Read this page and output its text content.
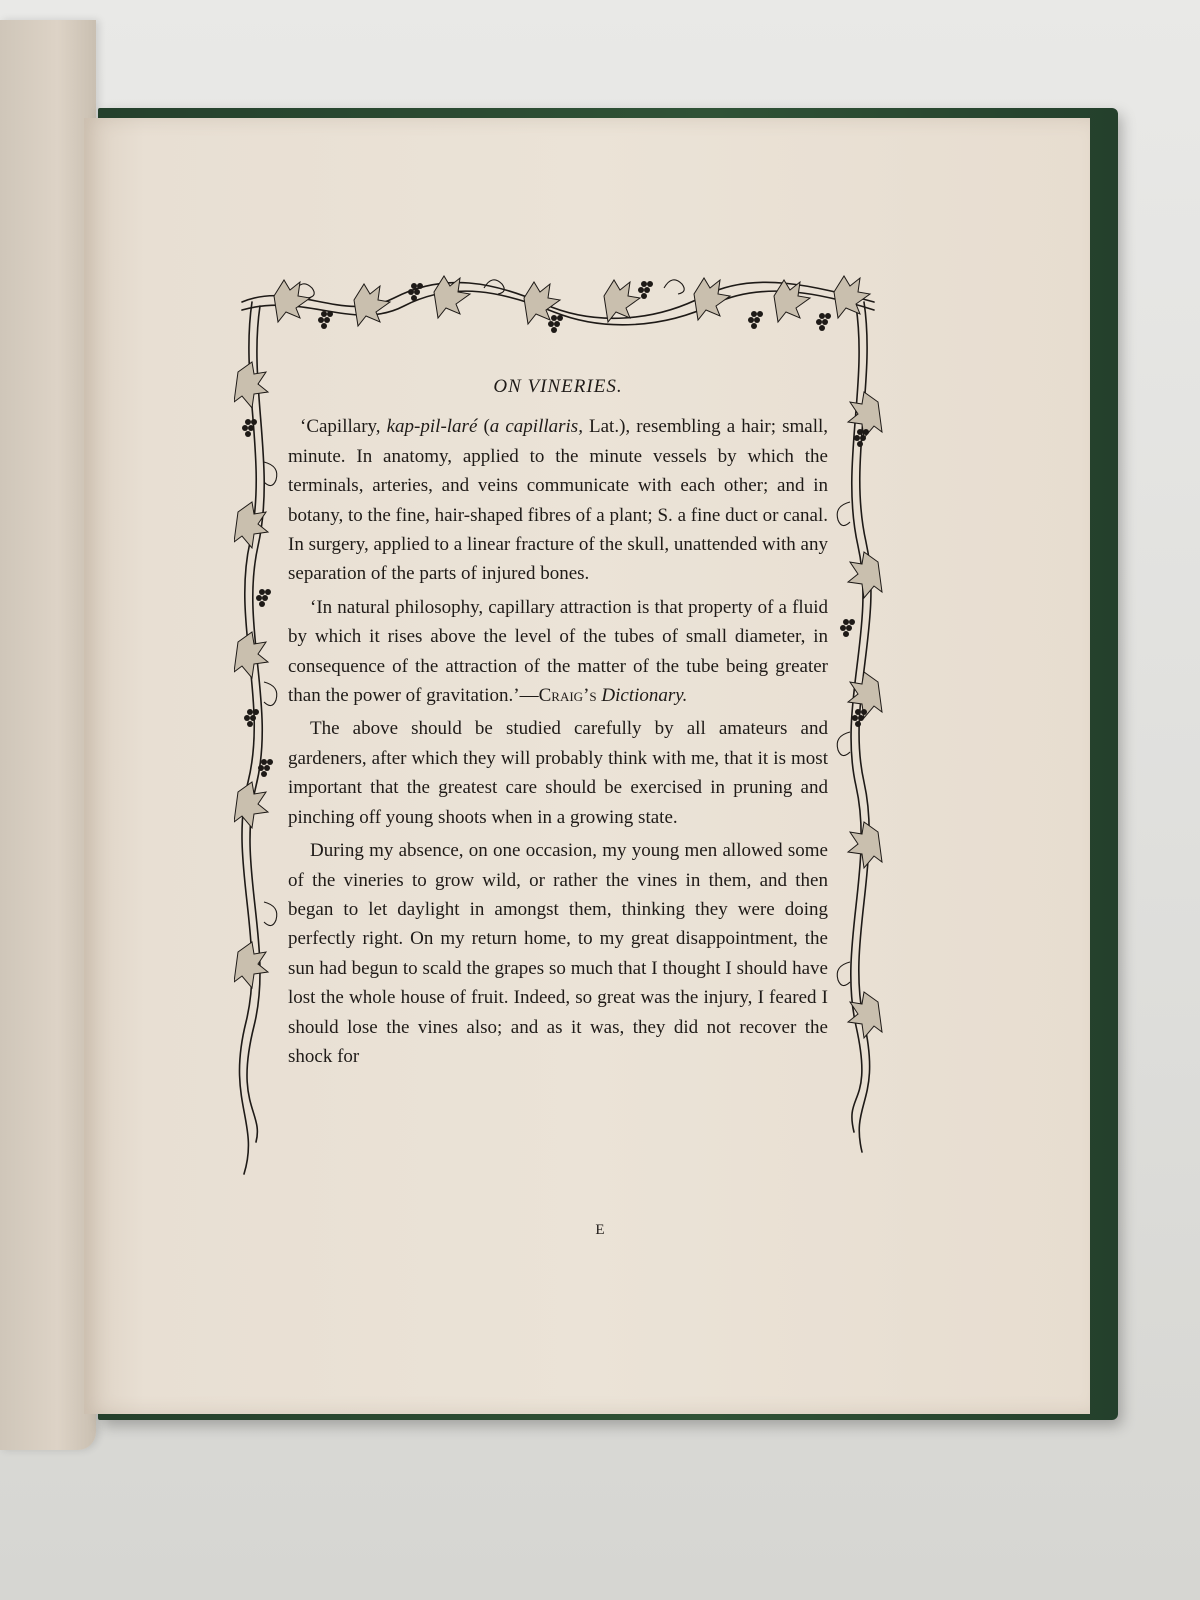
ON VINERIES.

‘Capillary, kap-pil-laré (a capillaris, Lat.), resembling a hair; small, minute. In anatomy, applied to the minute vessels by which the terminals, arteries, and veins communicate with each other; and in botany, to the fine, hair-shaped fibres of a plant; S. a fine duct or canal. In surgery, applied to a linear fracture of the skull, unattended with any separation of the parts of injured bones.

‘In natural philosophy, capillary attraction is that property of a fluid by which it rises above the level of the tubes of small diameter, in consequence of the attraction of the matter of the tube being greater than the power of gravitation.’—Craig’s Dictionary.

The above should be studied carefully by all amateurs and gardeners, after which they will probably think with me, that it is most important that the greatest care should be exercised in pruning and pinching off young shoots when in a growing state.

During my absence, on one occasion, my young men allowed some of the vineries to grow wild, or rather the vines in them, and then began to let daylight in amongst them, thinking they were doing perfectly right. On my return home, to my great disappointment, the sun had begun to scald the grapes so much that I thought I should have lost the whole house of fruit. Indeed, so great was the injury, I feared I should lose the vines also; and as it was, they did not recover the shock for

E
